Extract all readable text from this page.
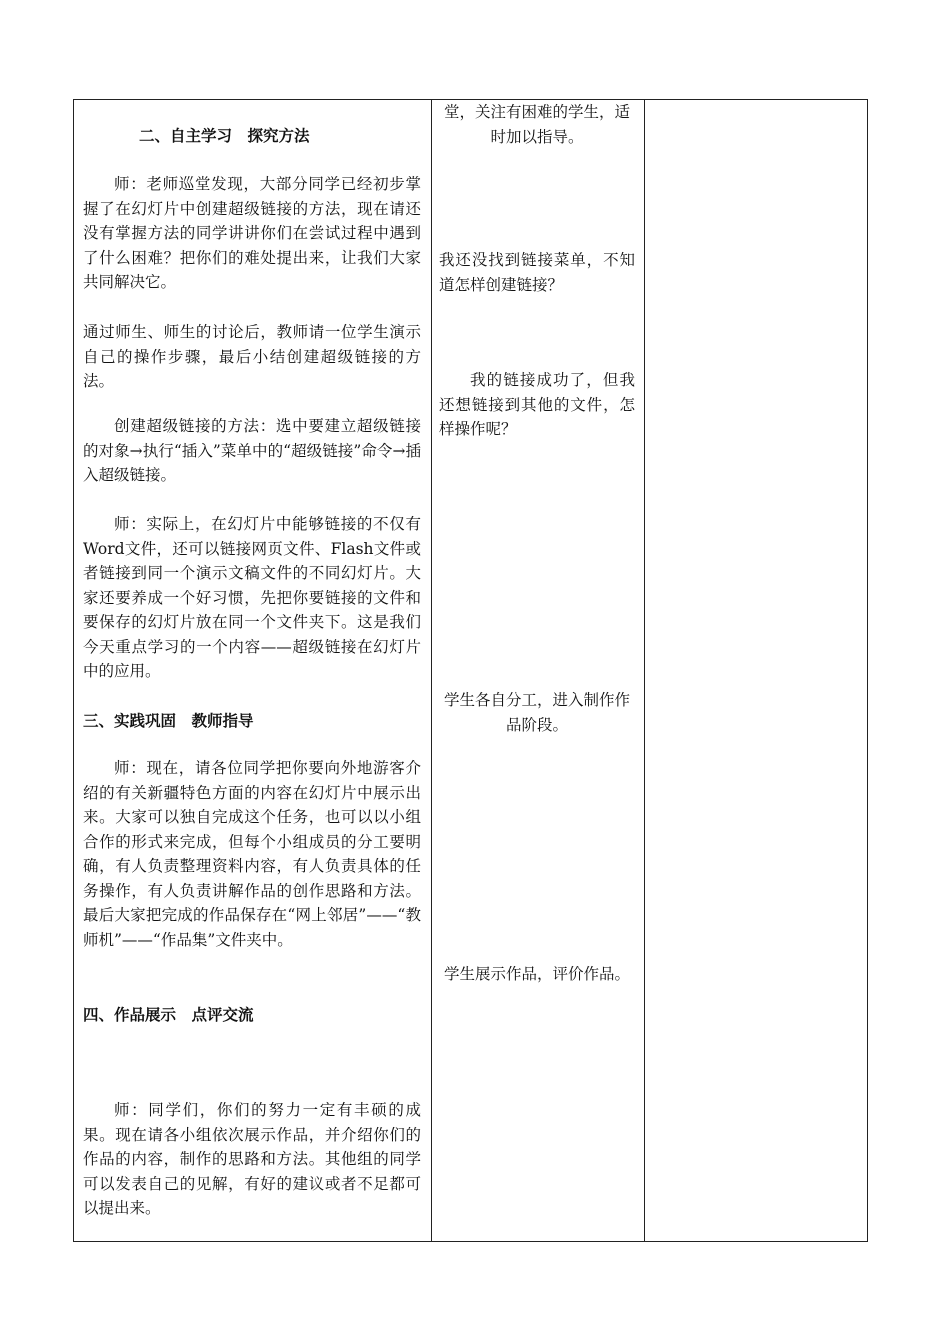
二、自主学习　探究方法

师：老师巡堂发现，大部分同学已经初步掌握了在幻灯片中创建超级链接的方法，现在请还没有掌握方法的同学讲讲你们在尝试过程中遇到了什么困难？把你们的难处提出来，让我们大家共同解决它。

通过师生、师生的讨论后，教师请一位学生演示自己的操作步骤，最后小结创建超级链接的方法。

创建超级链接的方法：选中要建立超级链接的对象→执行“插入”菜单中的“超级链接”命令→插入超级链接。

师：实际上，在幻灯片中能够链接的不仅有Word文件，还可以链接网页文件、Flash文件或者链接到同一个演示文稿文件的不同幻灯片。大家还要养成一个好习惯，先把你要链接的文件和要保存的幻灯片放在同一个文件夹下。这是我们今天重点学习的一个内容——超级链接在幻灯片中的应用。

三、实践巩固　教师指导

师：现在，请各位同学把你要向外地游客介绍的有关新疆特色方面的内容在幻灯片中展示出来。大家可以独自完成这个任务，也可以以小组合作的形式来完成，但每个小组成员的分工要明确，有人负责整理资料内容，有人负责具体的任务操作，有人负责讲解作品的创作思路和方法。最后大家把完成的作品保存在“网上邻居”——“教师机”——“作品集”文件夹中。

四、作品展示　点评交流

师：同学们，你们的努力一定有丰硕的成果。现在请各小组依次展示作品，并介绍你们的作品的内容，制作的思路和方法。其他组的同学可以发表自己的见解，有好的建议或者不足都可以提出来。

堂，关注有困难的学生，适时加以指导。

我还没找到链接菜单，不知道怎样创建链接？

我的链接成功了，但我还想链接到其他的文件，怎样操作呢？

学生各自分工，进入制作作品阶段。

学生展示作品，评价作品。
